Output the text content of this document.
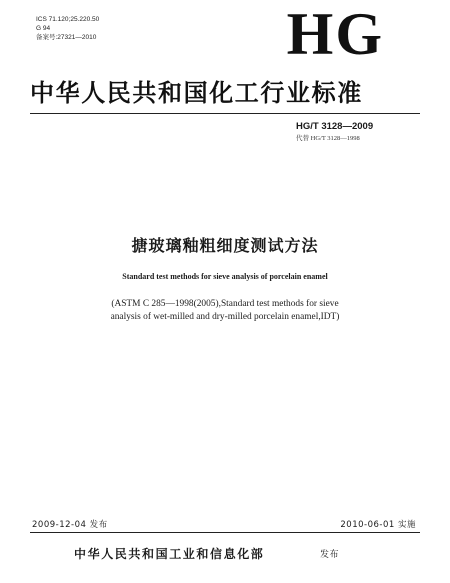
ICS 71.120;25.220.50
G 94
备案号:27321—2010	HG
中华人民共和国化工行业标准
HG/T 3128—2009
代替 HG/T 3128—1998
搪玻璃釉粗细度测试方法
Standard test methods for sieve analysis of porcelain enamel
(ASTM C 285—1998(2005),Standard test methods for sieve
analysis of wet-milled and dry-milled porcelain enamel,IDT)
2009-12-04 发布	2010-06-01 实施
中华人民共和国工业和信息化部	发布
